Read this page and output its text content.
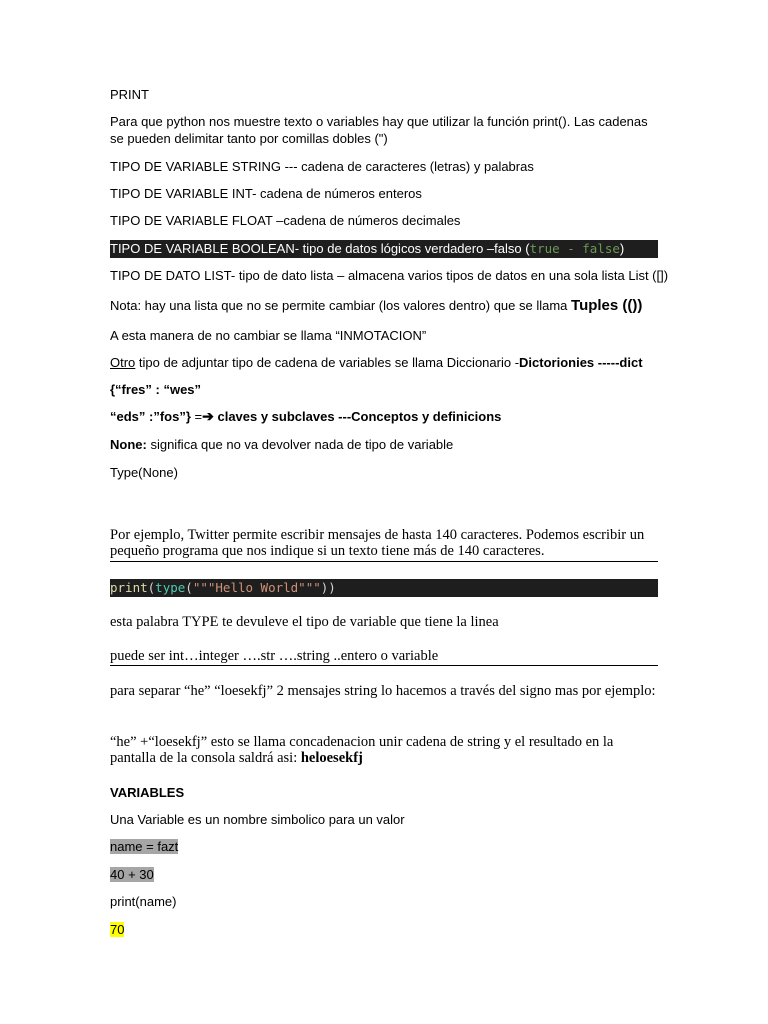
PRINT
Para que python nos muestre texto o variables hay que utilizar la función print(). Las cadenas se pueden delimitar tanto por comillas dobles (")
TIPO DE VARIABLE STRING --- cadena de caracteres (letras) y palabras
TIPO DE VARIABLE INT- cadena de números enteros
TIPO DE VARIABLE FLOAT –cadena de números decimales
TIPO DE VARIABLE BOOLEAN- tipo de datos lógicos verdadero –falso (true - false)
TIPO DE DATO LIST- tipo de dato lista – almacena varios tipos de datos en una sola lista List ([])
Nota: hay una lista que no se permite cambiar (los valores dentro) que se llama Tuples (())
A esta manera de no cambiar se llama “INMOTACION”
Otro tipo de adjuntar tipo de cadena de variables se llama Diccionario -Dictorionies -----dict
{“fres” : “wes”
“eds” :”fos”} =➔ claves y subclaves ---Conceptos y definicions
None: significa que no va devolver nada de tipo de variable
Type(None)
Por ejemplo, Twitter permite escribir mensajes de hasta 140 caracteres. Podemos escribir un pequeño programa que nos indique si un texto tiene más de 140 caracteres.
print(type("""Hello World"""))
esta palabra TYPE te devuleve el tipo de variable que tiene la linea
puede ser int…integer ….str ….string ..entero o variable
para separar “he” “loesekfj” 2 mensajes string lo hacemos a través del signo mas por ejemplo:
“he” +“loesekfj” esto se llama concadenacion unir cadena de string y el resultado en la pantalla de la consola saldrá asi: heloesekfj
VARIABLES
Una Variable es un nombre simbolico para un valor
name = fazt
40 + 30
print(name)
70
